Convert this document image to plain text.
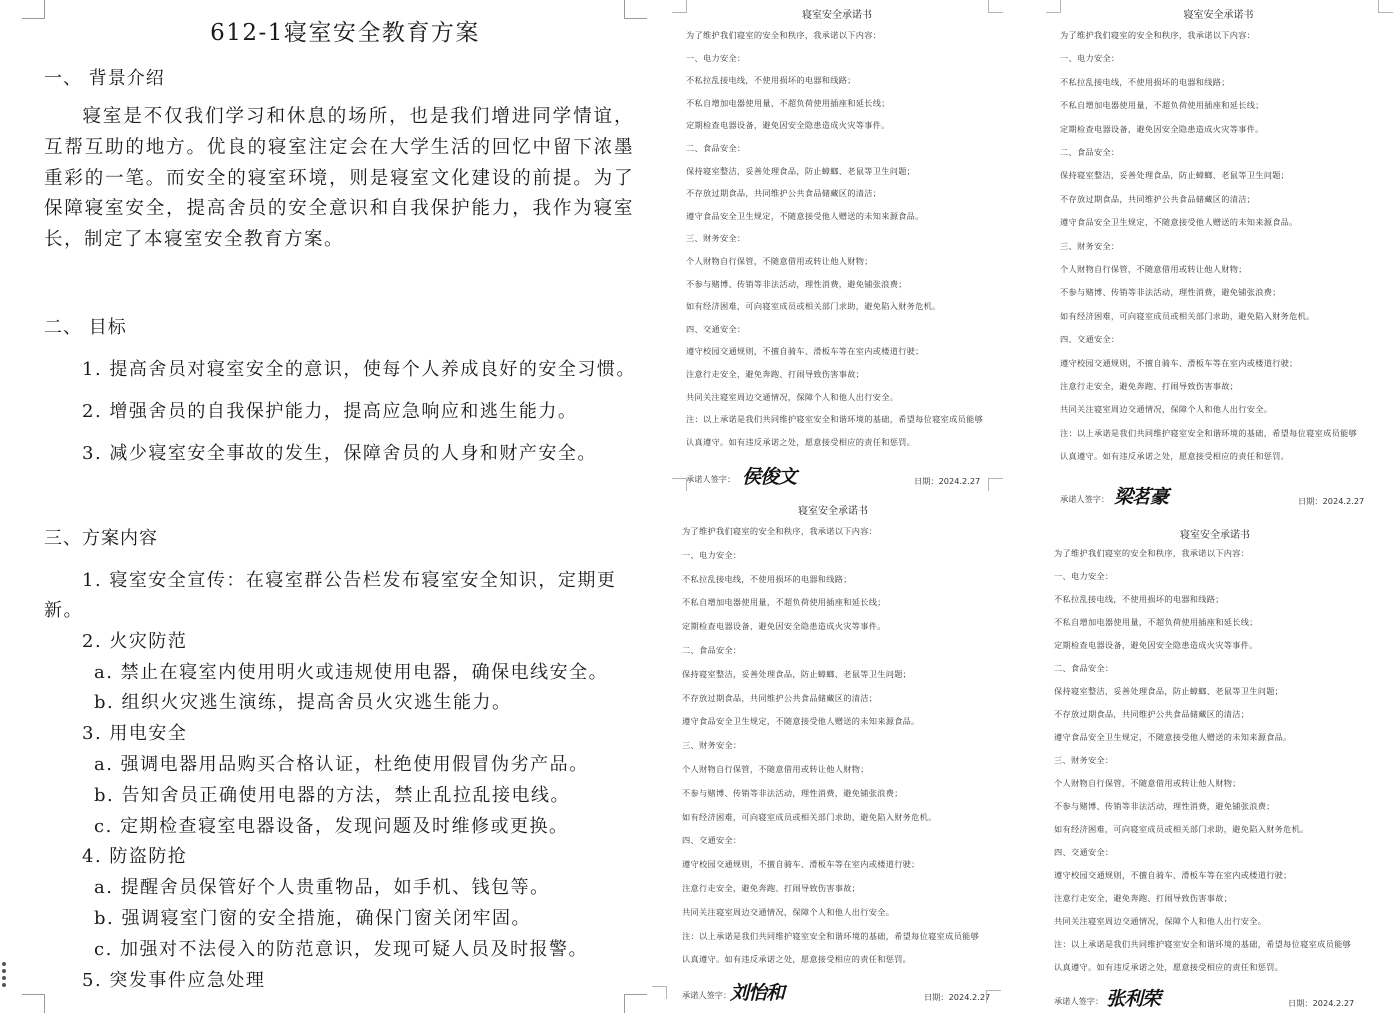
612-1寝室安全教育方案
一、 背景介绍
寝室是不仅我们学习和休息的场所，也是我们增进同学情谊，互帮互助的地方。优良的寝室注定会在大学生活的回忆中留下浓墨重彩的一笔。而安全的寝室环境，则是寝室文化建设的前提。为了保障寝室安全，提高舍员的安全意识和自我保护能力，我作为寝室长，制定了本寝室安全教育方案。
二、 目标
1. 提高舍员对寝室安全的意识，使每个人养成良好的安全习惯。
2. 增强舍员的自我保护能力，提高应急响应和逃生能力。
3. 减少寝室安全事故的发生，保障舍员的人身和财产安全。
三、方案内容
1. 寝室安全宣传：在寝室群公告栏发布寝室安全知识，定期更
新。
2. 火灾防范
a. 禁止在寝室内使用明火或违规使用电器，确保电线安全。
b. 组织火灾逃生演练，提高舍员火灾逃生能力。
3. 用电安全
a. 强调电器用品购买合格认证，杜绝使用假冒伪劣产品。
b. 告知舍员正确使用电器的方法，禁止乱拉乱接电线。
c. 定期检查寝室电器设备，发现问题及时维修或更换。
4. 防盗防抢
a. 提醒舍员保管好个人贵重物品，如手机、钱包等。
b. 强调寝室门窗的安全措施，确保门窗关闭牢固。
c. 加强对不法侵入的防范意识，发现可疑人员及时报警。
5. 突发事件应急处理
寝室安全承诺书
为了维护我们寝室的安全和秩序，我承诺以下内容：
一、电力安全：
不私拉乱接电线，不使用损坏的电器和线路；
不私自增加电器使用量，不超负荷使用插座和延长线；
定期检查电器设备，避免因安全隐患造成火灾等事件。
二、食品安全：
保持寝室整洁，妥善处理食品，防止蟑螂、老鼠等卫生问题；
不存放过期食品，共同维护公共食品储藏区的清洁；
遵守食品安全卫生规定，不随意接受他人赠送的未知来源食品。
三、财务安全：
个人财物自行保管，不随意借用或转让他人财物；
不参与赌博、传销等非法活动，理性消费，避免铺张浪费；
如有经济困难，可向寝室成员或相关部门求助，避免陷入财务危机。
四、交通安全：
遵守校园交通规则，不擅自骑车、滑板车等在室内或楼道行驶；
注意行走安全，避免奔跑、打闹导致伤害事故；
共同关注寝室周边交通情况，保障个人和他人出行安全。
注：以上承诺是我们共同维护寝室安全和谐环境的基础，希望每位寝室成员能够
认真遵守。如有违反承诺之处，愿意接受相应的责任和惩罚。
承诺人签字： 侯俊文	日期：2024.2.27
寝室安全承诺书
为了维护我们寝室的安全和秩序，我承诺以下内容：
一、电力安全：
不私拉乱接电线，不使用损坏的电器和线路；
不私自增加电器使用量，不超负荷使用插座和延长线；
定期检查电器设备，避免因安全隐患造成火灾等事件。
二、食品安全：
保持寝室整洁，妥善处理食品，防止蟑螂、老鼠等卫生问题；
不存放过期食品，共同维护公共食品储藏区的清洁；
遵守食品安全卫生规定，不随意接受他人赠送的未知来源食品。
三、财务安全：
个人财物自行保管，不随意借用或转让他人财物；
不参与赌博、传销等非法活动，理性消费，避免铺张浪费；
如有经济困难，可向寝室成员或相关部门求助，避免陷入财务危机。
四、交通安全：
遵守校园交通规则，不擅自骑车、滑板车等在室内或楼道行驶；
注意行走安全，避免奔跑、打闹导致伤害事故；
共同关注寝室周边交通情况，保障个人和他人出行安全。
注：以上承诺是我们共同维护寝室安全和谐环境的基础，希望每位寝室成员能够
认真遵守。如有违反承诺之处，愿意接受相应的责任和惩罚。
承诺人签字： 梁茗豪	日期：2024.2.27
寝室安全承诺书
为了维护我们寝室的安全和秩序，我承诺以下内容：
一、电力安全：
不私拉乱接电线，不使用损坏的电器和线路；
不私自增加电器使用量，不超负荷使用插座和延长线；
定期检查电器设备，避免因安全隐患造成火灾等事件。
二、食品安全：
保持寝室整洁，妥善处理食品，防止蟑螂、老鼠等卫生问题；
不存放过期食品，共同维护公共食品储藏区的清洁；
遵守食品安全卫生规定，不随意接受他人赠送的未知来源食品。
三、财务安全：
个人财物自行保管，不随意借用或转让他人财物；
不参与赌博、传销等非法活动，理性消费，避免铺张浪费；
如有经济困难，可向寝室成员或相关部门求助，避免陷入财务危机。
四、交通安全：
遵守校园交通规则，不擅自骑车、滑板车等在室内或楼道行驶；
注意行走安全，避免奔跑、打闹导致伤害事故；
共同关注寝室周边交通情况，保障个人和他人出行安全。
注：以上承诺是我们共同维护寝室安全和谐环境的基础，希望每位寝室成员能够
认真遵守。如有违反承诺之处，愿意接受相应的责任和惩罚。
承诺人签字：
刘怡和	日期：2024.2.27
寝室安全承诺书
为了维护我们寝室的安全和秩序，我承诺以下内容：
一、电力安全：
不私拉乱接电线，不使用损坏的电器和线路；
不私自增加电器使用量，不超负荷使用插座和延长线；
定期检查电器设备，避免因安全隐患造成火灾等事件。
二、食品安全：
保持寝室整洁，妥善处理食品，防止蟑螂、老鼠等卫生问题；
不存放过期食品，共同维护公共食品储藏区的清洁；
遵守食品安全卫生规定，不随意接受他人赠送的未知来源食品。
三、财务安全：
个人财物自行保管，不随意借用或转让他人财物；
不参与赌博、传销等非法活动，理性消费，避免铺张浪费；
如有经济困难，可向寝室成员或相关部门求助，避免陷入财务危机。
四、交通安全：
遵守校园交通规则，不擅自骑车、滑板车等在室内或楼道行驶；
注意行走安全，避免奔跑、打闹导致伤害事故；
共同关注寝室周边交通情况，保障个人和他人出行安全。
注：以上承诺是我们共同维护寝室安全和谐环境的基础，希望每位寝室成员能够
认真遵守。如有违反承诺之处，愿意接受相应的责任和惩罚。
承诺人签字： 张利荣	日期：2024.2.27
